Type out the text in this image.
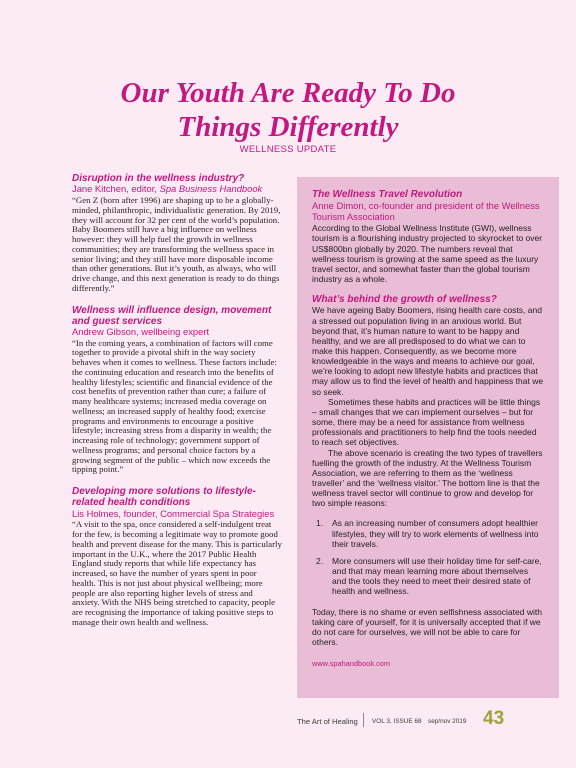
Our Youth Are Ready To Do
Things Differently
WELLNESS UPDATE
Disruption in the wellness industry?
Jane Kitchen, editor, Spa Business Handbook
“Gen Z (born after 1996) are shaping up to be a globally-minded, philanthropic, individualistic generation. By 2019, they will account for 32 per cent of the world’s population. Baby Boomers still have a big influence on wellness however: they will help fuel the growth in wellness communities; they are transforming the wellness space in senior living; and they still have more disposable income than other generations. But it’s youth, as always, who will drive change, and this next generation is ready to do things differently.”
Wellness will influence design, movement and guest services
Andrew Gibson, wellbeing expert
“In the coming years, a combination of factors will come together to provide a pivotal shift in the way society behaves when it comes to wellness. These factors include: the continuing education and research into the benefits of healthy lifestyles; scientific and financial evidence of the cost benefits of prevention rather than cure; a failure of many healthcare systems; increased media coverage on wellness; an increased supply of healthy food; exercise programs and environments to encourage a positive lifestyle; increasing stress from a disparity in wealth; the increasing role of technology; government support of wellness programs; and personal choice factors by a growing segment of the public – which now exceeds the tipping point.”
Developing more solutions to lifestyle-related health conditions
Lis Holmes, founder, Commercial Spa Strategies
“A visit to the spa, once considered a self-indulgent treat for the few, is becoming a legitimate way to promote good health and prevent disease for the many. This is particularly important in the U.K., where the 2017 Public Health England study reports that while life expectancy has increased, so have the number of years spent in poor health. This is not just about physical wellbeing; more people are also reporting higher levels of stress and anxiety. With the NHS being stretched to capacity, people are recognising the importance of taking positive steps to manage their own health and wellness.
The Wellness Travel Revolution
Anne Dimon, co-founder and president of the Wellness Tourism Association
According to the Global Wellness Institute (GWI), wellness tourism is a flourishing industry projected to skyrocket to over US$800bn globally by 2020. The numbers reveal that wellness tourism is growing at the same speed as the luxury travel sector, and somewhat faster than the global tourism industry as a whole.
What’s behind the growth of wellness?
We have ageing Baby Boomers, rising health care costs, and a stressed out population living in an anxious world. But beyond that, it’s human nature to want to be happy and healthy, and we are all predisposed to do what we can to make this happen. Consequently, as we become more knowledgeable in the ways and means to achieve our goal, we’re looking to adopt new lifestyle habits and practices that may allow us to find the level of health and happiness that we so seek.
Sometimes these habits and practices will be little things – small changes that we can implement ourselves – but for some, there may be a need for assistance from wellness professionals and practitioners to help find the tools needed to reach set objectives.
The above scenario is creating the two types of travellers fuelling the growth of the industry. At the Wellness Tourism Association, we are referring to them as the ‘wellness traveller’ and the ‘wellness visitor.’ The bottom line is that the wellness travel sector will continue to grow and develop for two simple reasons:
1.	As an increasing number of consumers adopt healthier lifestyles, they will try to work elements of wellness into their travels.
2.	More consumers will use their holiday time for self-care, and that may mean learning more about themselves and the tools they need to meet their desired state of health and wellness.
Today, there is no shame or even selfishness associated with taking care of yourself, for it is universally accepted that if we do not care for ourselves, we will not be able to care for others.
www.spahandbook.com
The Art of Healing VOL 3, ISSUE 68 sep/nov 2019 43
